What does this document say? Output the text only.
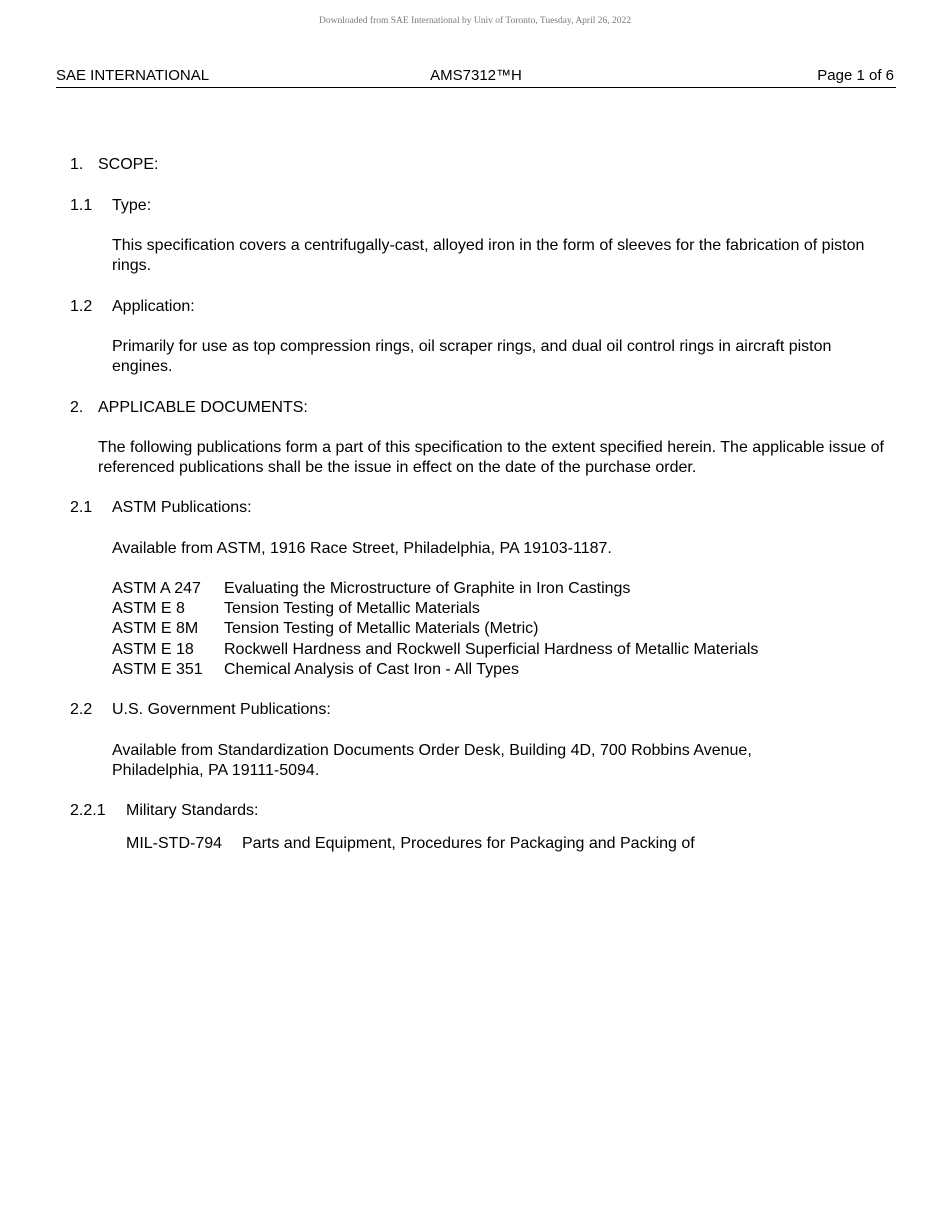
Downloaded from SAE International by Univ of Toronto, Tuesday, April 26, 2022
SAE INTERNATIONAL	AMS7312™H	Page 1 of 6
1. SCOPE:
1.1 Type:
This specification covers a centrifugally-cast, alloyed iron in the form of sleeves for the fabrication of piston rings.
1.2 Application:
Primarily for use as top compression rings, oil scraper rings, and dual oil control rings in aircraft piston engines.
2. APPLICABLE DOCUMENTS:
The following publications form a part of this specification to the extent specified herein. The applicable issue of referenced publications shall be the issue in effect on the date of the purchase order.
2.1 ASTM Publications:
Available from ASTM, 1916 Race Street, Philadelphia, PA 19103-1187.
ASTM A 247 Evaluating the Microstructure of Graphite in Iron Castings
ASTM E 8 Tension Testing of Metallic Materials
ASTM E 8M Tension Testing of Metallic Materials (Metric)
ASTM E 18 Rockwell Hardness and Rockwell Superficial Hardness of Metallic Materials
ASTM E 351 Chemical Analysis of Cast Iron - All Types
2.2 U.S. Government Publications:
Available from Standardization Documents Order Desk, Building 4D, 700 Robbins Avenue, Philadelphia, PA 19111-5094.
2.2.1 Military Standards:
MIL-STD-794 Parts and Equipment, Procedures for Packaging and Packing of
